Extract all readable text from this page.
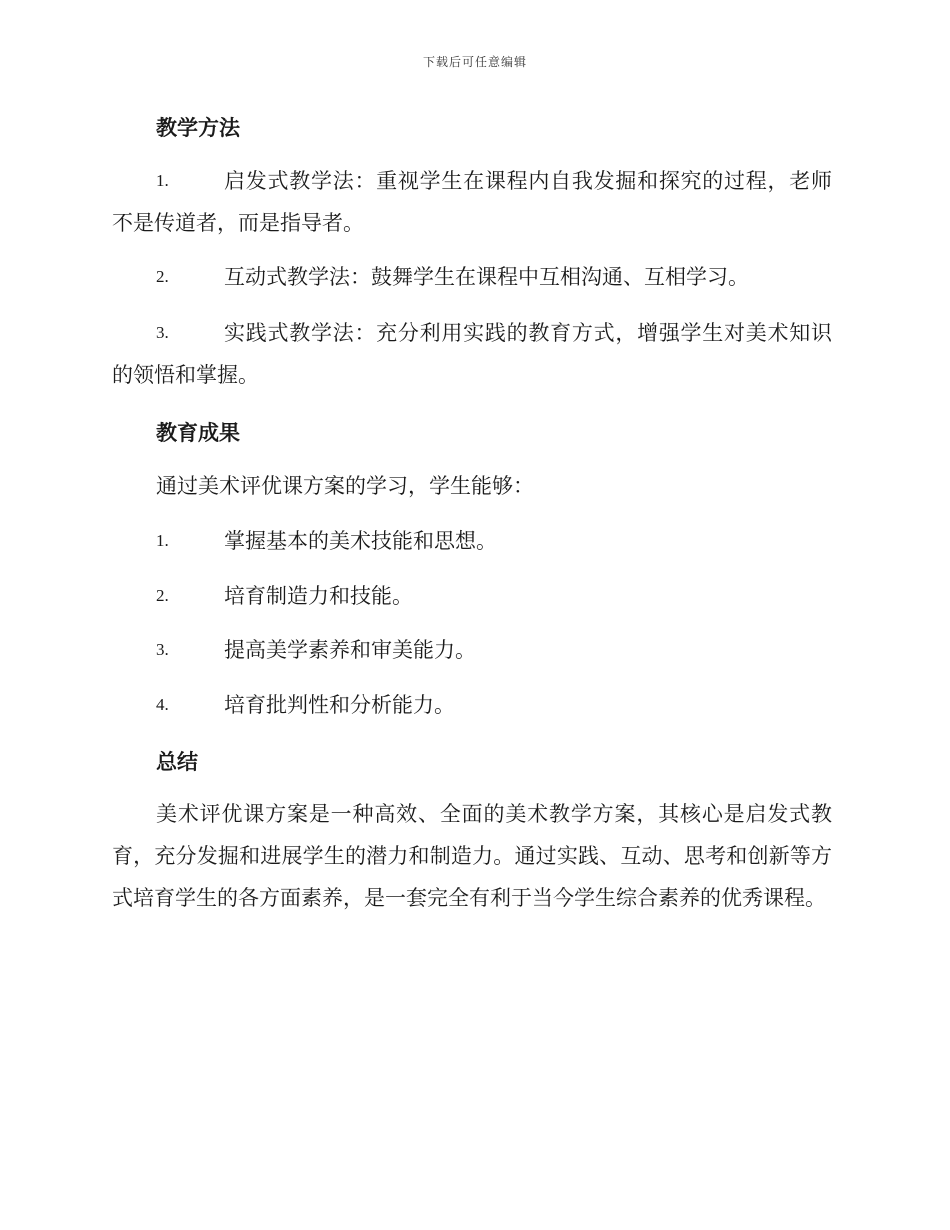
下载后可任意编辑
教学方法
1.	启发式教学法：重视学生在课程内自我发掘和探究的过程，老师不是传道者，而是指导者。
2.	互动式教学法：鼓舞学生在课程中互相沟通、互相学习。
3.	实践式教学法：充分利用实践的教育方式，增强学生对美术知识的领悟和掌握。
教育成果
通过美术评优课方案的学习，学生能够：
1.	掌握基本的美术技能和思想。
2.	培育制造力和技能。
3.	提高美学素养和审美能力。
4.	培育批判性和分析能力。
总结
美术评优课方案是一种高效、全面的美术教学方案，其核心是启发式教育，充分发掘和进展学生的潜力和制造力。通过实践、互动、思考和创新等方式培育学生的各方面素养，是一套完全有利于当今学生综合素养的优秀课程。
